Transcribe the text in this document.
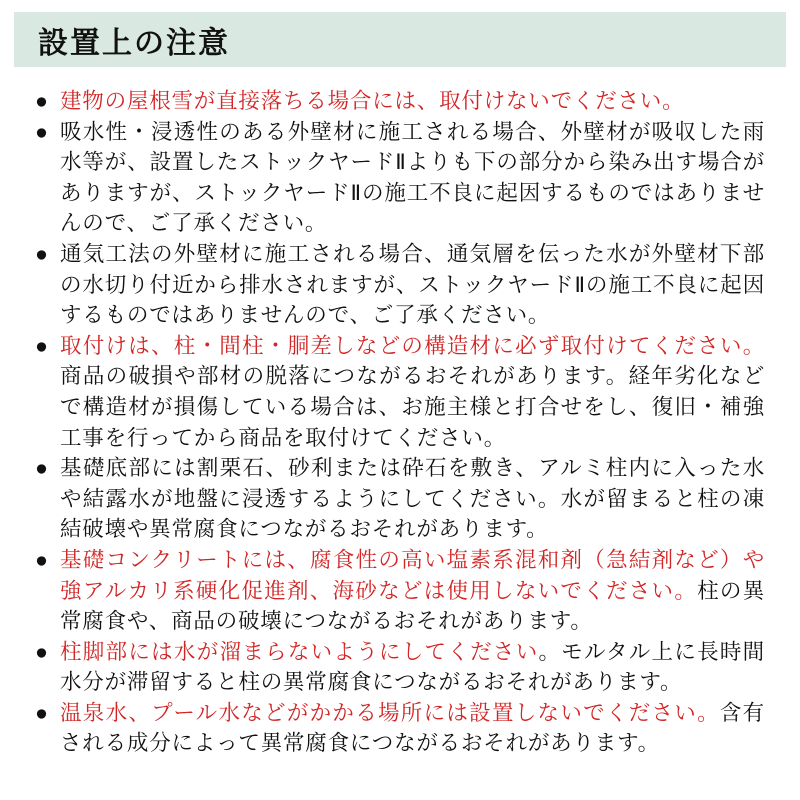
設置上の注意
● 建物の屋根雪が直接落ちる場合には、取付けないでください。
● 吸水性・浸透性のある外壁材に施工される場合、外壁材が吸収した雨水等が、設置したストックヤードⅡよりも下の部分から染み出す場合がありますが、ストックヤードⅡの施工不良に起因するものではありませんので、ご了承ください。
● 通気工法の外壁材に施工される場合、通気層を伝った水が外壁材下部の水切り付近から排水されますが、ストックヤードⅡの施工不良に起因するものではありませんので、ご了承ください。
● 取付けは、柱・間柱・胴差しなどの構造材に必ず取付けてください。商品の破損や部材の脱落につながるおそれがあります。経年劣化などで構造材が損傷している場合は、お施主様と打合せをし、復旧・補強工事を行ってから商品を取付けてください。
● 基礎底部には割栗石、砂利または砕石を敷き、アルミ柱内に入った水や結露水が地盤に浸透するようにしてください。水が留まると柱の凍結破壊や異常腐食につながるおそれがあります。
● 基礎コンクリートには、腐食性の高い塩素系混和剤（急結剤など）や強アルカリ系硬化促進剤、海砂などは使用しないでください。柱の異常腐食や、商品の破壊につながるおそれがあります。
● 柱脚部には水が溜まらないようにしてください。モルタル上に長時間水分が滞留すると柱の異常腐食につながるおそれがあります。
● 温泉水、プール水などがかかる場所には設置しないでください。含有される成分によって異常腐食につながるおそれがあります。
